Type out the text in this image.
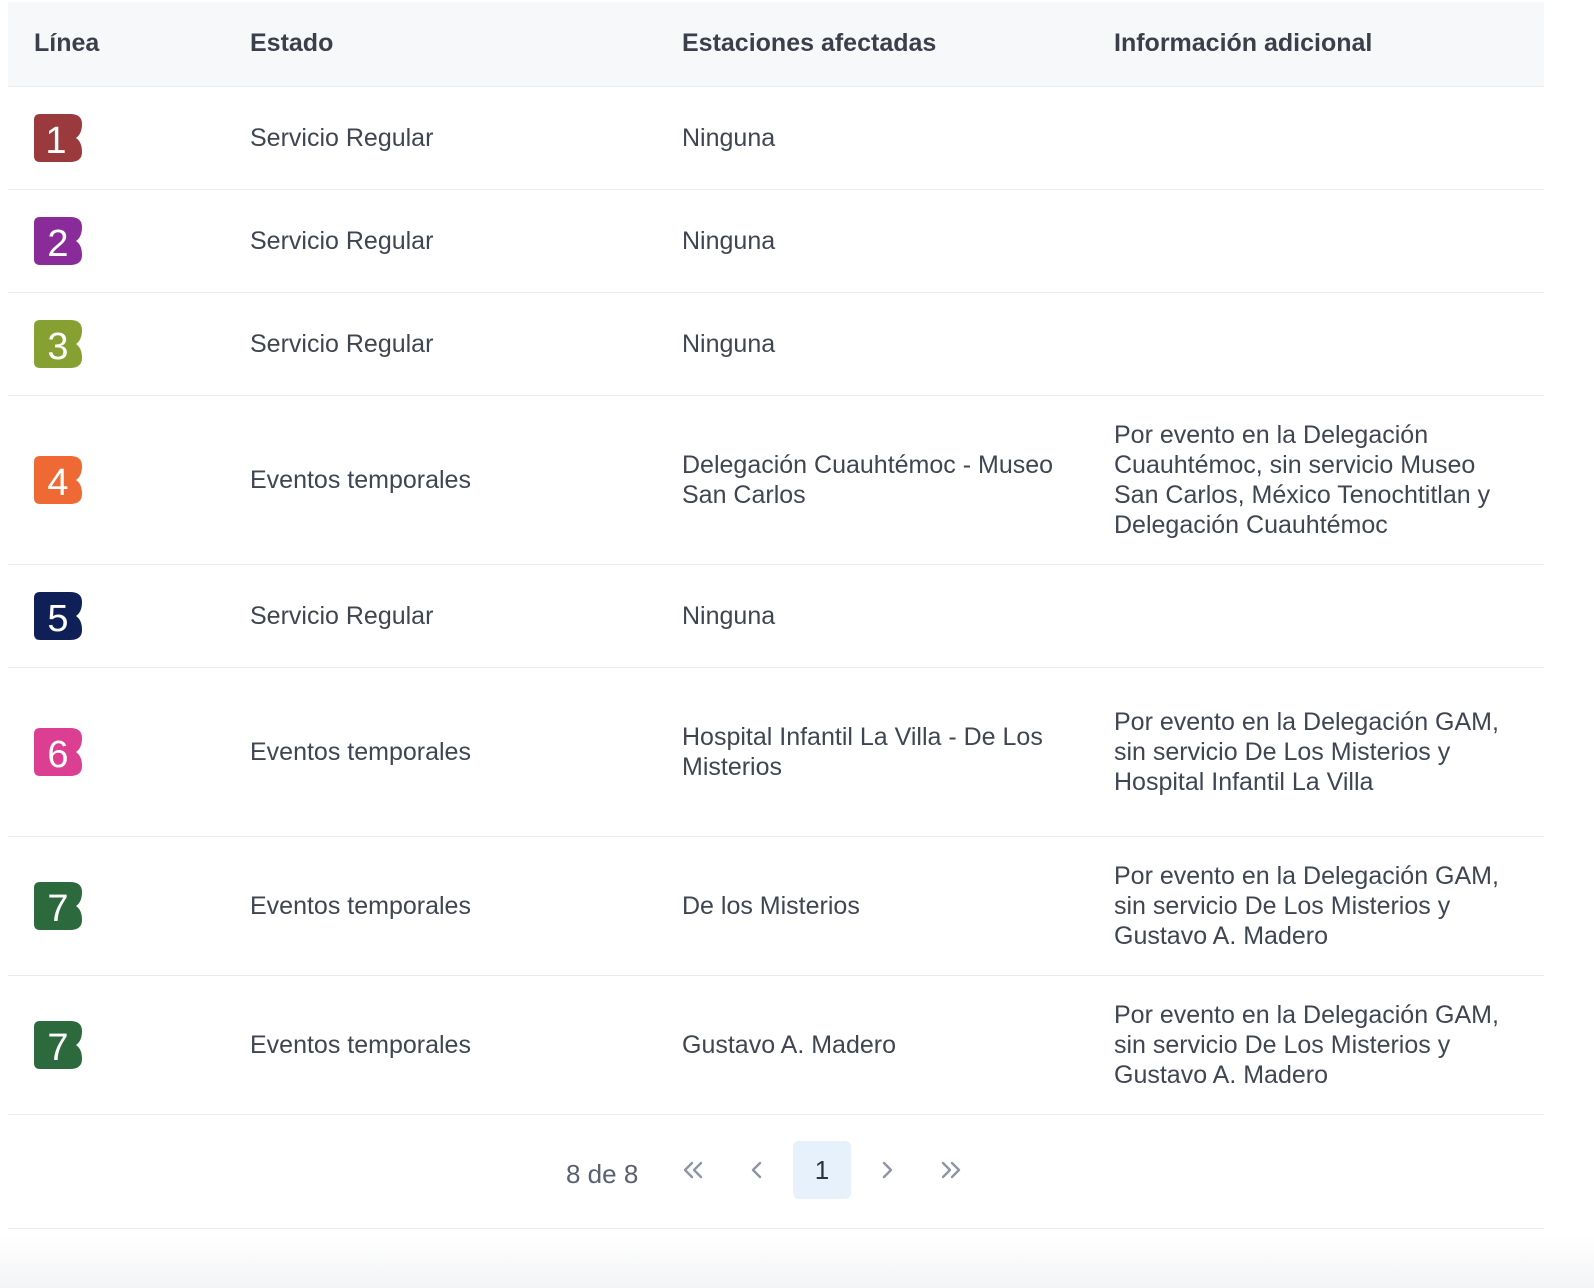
Línea	Estado	Estaciones afectadas	Información adicional

1	Servicio Regular	Ninguna	

2	Servicio Regular	Ninguna	

3	Servicio Regular	Ninguna	

4	Eventos temporales	Delegación Cuauhtémoc - Museo San Carlos	Por evento en la Delegación Cuauhtémoc, sin servicio Museo San Carlos, México Tenochtitlan y Delegación Cuauhtémoc

5	Servicio Regular	Ninguna	

6	Eventos temporales	Hospital Infantil La Villa - De Los Misterios	Por evento en la Delegación GAM, sin servicio De Los Misterios y Hospital Infantil La Villa

7	Eventos temporales	De los Misterios	Por evento en la Delegación GAM, sin servicio De Los Misterios y Gustavo A. Madero

7	Eventos temporales	Gustavo A. Madero	Por evento en la Delegación GAM, sin servicio De Los Misterios y Gustavo A. Madero

8 de 8 1			
